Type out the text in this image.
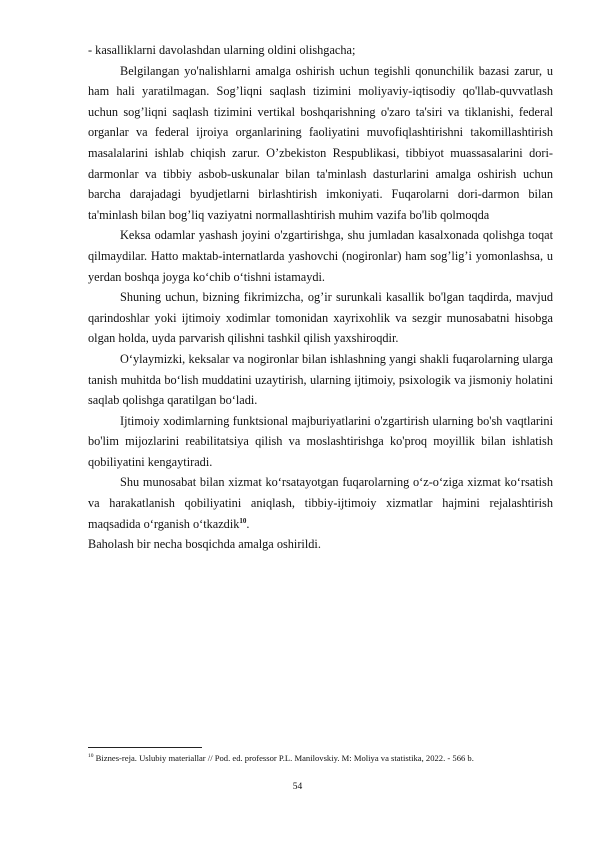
- kasalliklarni davolashdan ularning oldini olishgacha;

Belgilangan yo'nalishlarni amalga oshirish uchun tegishli qonunchilik bazasi zarur, u ham hali yaratilmagan. Sog’liqni saqlash tizimini moliyaviy-iqtisodiy qo'llab-quvvatlash uchun sog’liqni saqlash tizimini vertikal boshqarishning o'zaro ta'siri va tiklanishi, federal organlar va federal ijroiya organlarining faoliyatini muvofiqlashtirishni takomillashtirish masalalarini ishlab chiqish zarur. O’zbekiston Respublikasi, tibbiyot muassasalarini dori-darmonlar va tibbiy asbob-uskunalar bilan ta'minlash dasturlarini amalga oshirish uchun barcha darajadagi byudjetlarni birlashtirish imkoniyati. Fuqarolarni dori-darmon bilan ta'minlash bilan bog’liq vaziyatni normallashtirish muhim vazifa bo'lib qolmoqda

Keksa odamlar yashash joyini o'zgartirishga, shu jumladan kasalxonada qolishga toqat qilmaydilar. Hatto maktab-internatlarda yashovchi (nogironlar) ham sog’lig’i yomonlashsa, u yerdan boshqa joyga ko‘chib o‘tishni istamaydi.

Shuning uchun, bizning fikrimizcha, og’ir surunkali kasallik bo'lgan taqdirda, mavjud qarindoshlar yoki ijtimoiy xodimlar tomonidan xayrixohlik va sezgir munosabatni hisobga olgan holda, uyda parvarish qilishni tashkil qilish yaxshiroqdir.

O‘ylaymizki, keksalar va nogironlar bilan ishlashning yangi shakli fuqarolarning ularga tanish muhitda bo‘lish muddatini uzaytirish, ularning ijtimoiy, psixologik va jismoniy holatini saqlab qolishga qaratilgan bo‘ladi.

Ijtimoiy xodimlarning funktsional majburiyatlarini o'zgartirish ularning bo'sh vaqtlarini bo'lim mijozlarini reabilitatsiya qilish va moslashtirishga ko'proq moyillik bilan ishlatish qobiliyatini kengaytiradi.

Shu munosabat bilan xizmat ko‘rsatayotgan fuqarolarning o‘z-o‘ziga xizmat ko‘rsatish va harakatlanish qobiliyatini aniqlash, tibbiy-ijtimoiy xizmatlar hajmini rejalashtirish maqsadida o‘rganish o‘tkazdik$^{10}$.

Baholash bir necha bosqichda amalga oshirildi.

$^{10}$ Biznes-reja. Uslubiy materiallar // Pod. ed. professor P.L. Manilovskiy. M: Moliya va statistika, 2022. - 566 b.

54
